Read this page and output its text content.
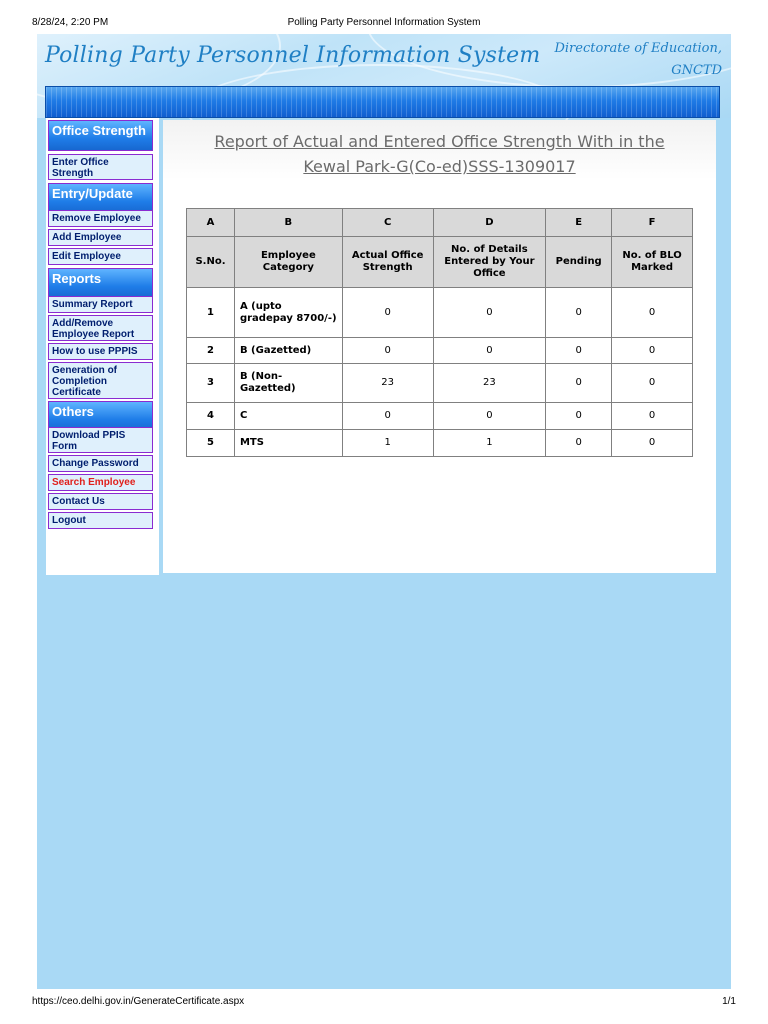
8/28/24, 2:20 PM	Polling Party Personnel Information System
Polling Party Personnel Information System	Directorate of Education,
GNCTD
Office Strength
Enter Office Strength
Entry/Update
Remove Employee
Add Employee
Edit Employee
Reports
Summary Report
Add/Remove Employee Report
How to use PPPIS
Generation of Completion Certificate
Others
Download PPIS Form
Change Password
Search Employee
Contact Us
Logout
Report of Actual and Entered Office Strength With in the
Kewal Park-G(Co-ed)SSS-1309017
A	B	C	D	E	F
S.No.	Employee Category	Actual Office Strength	No. of Details Entered by Your Office	Pending	No. of BLO Marked
1	A (upto gradepay 8700/-)	0	0	0	0
2	B (Gazetted)	0	0	0	0
3	B (Non-Gazetted)	23	23	0	0
4	C	0	0	0	0
5	MTS	1	1	0	0
https://ceo.delhi.gov.in/GenerateCertificate.aspx	1/1
